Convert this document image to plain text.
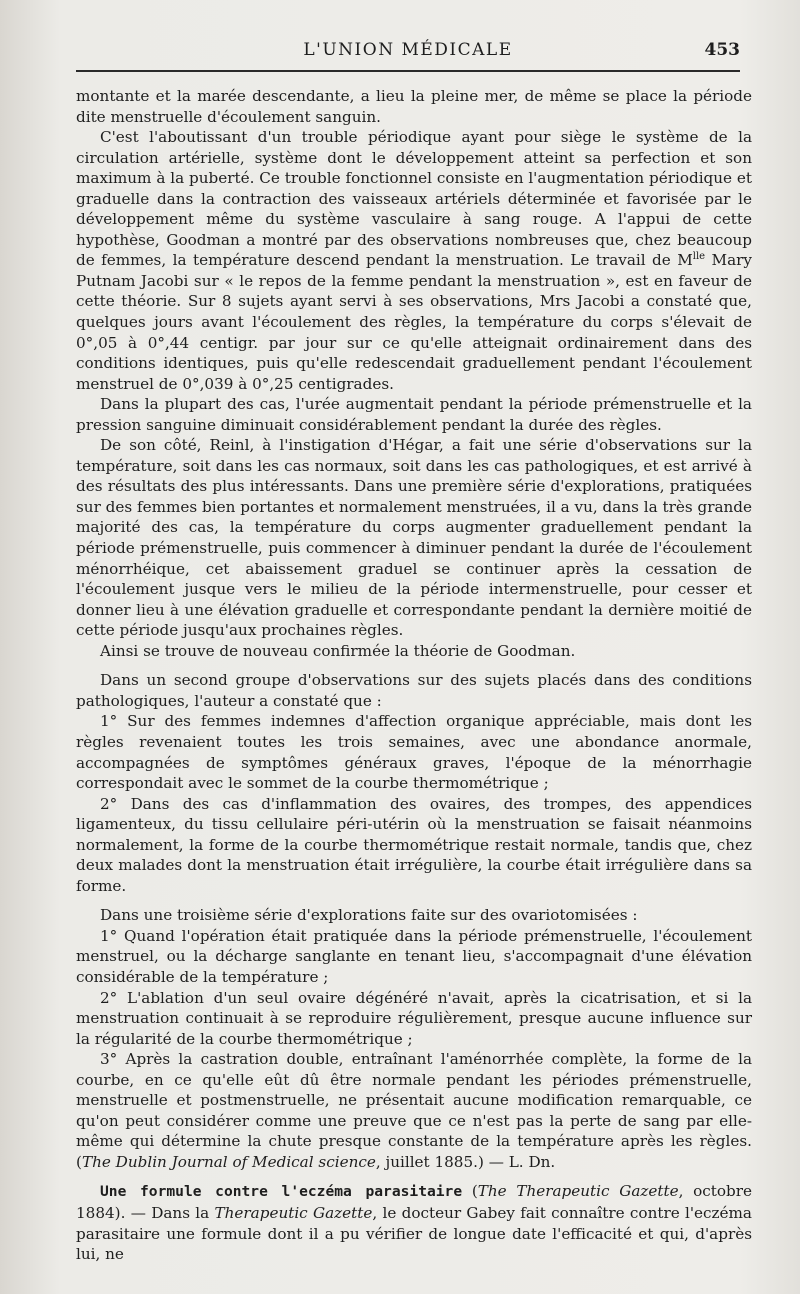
L'UNION MÉDICALE	453

montante et la marée descendante, a lieu la pleine mer, de même se place la période dite menstruelle d'écoulement sanguin.

C'est l'aboutissant d'un trouble périodique ayant pour siège le système de la circulation artérielle, système dont le développement atteint sa perfection et son maximum à la puberté. Ce trouble fonctionnel consiste en l'augmentation périodique et graduelle dans la contraction des vaisseaux artériels déterminée et favorisée par le développement même du système vasculaire à sang rouge. A l'appui de cette hypothèse, Goodman a montré par des observations nombreuses que, chez beaucoup de femmes, la température descend pendant la menstruation. Le travail de $M^{lle}$ Mary Putnam Jacobi sur « le repos de la femme pendant la menstruation », est en faveur de cette théorie. Sur 8 sujets ayant servi à ses observations, Mrs Jacobi a constaté que, quelques jours avant l'écoulement des règles, la température du corps s'élevait de 0°,05 à 0°,44 centigr. par jour sur ce qu'elle atteignait ordinairement dans des conditions identiques, puis qu'elle redescendait graduellement pendant l'écoulement menstruel de 0°,039 à 0°,25 centigrades.

Dans la plupart des cas, l'urée augmentait pendant la période prémenstruelle et la pression sanguine diminuait considérablement pendant la durée des règles.

De son côté, Reinl, à l'instigation d'Hégar, a fait une série d'observations sur la température, soit dans les cas normaux, soit dans les cas pathologiques, et est arrivé à des résultats des plus intéressants. Dans une première série d'explorations, pratiquées sur des femmes bien portantes et normalement menstruées, il a vu, dans la très grande majorité des cas, la température du corps augmenter graduellement pendant la période prémenstruelle, puis commencer à diminuer pendant la durée de l'écoulement ménorrhéique, cet abaissement graduel se continuer après la cessation de l'écoulement jusque vers le milieu de la période intermenstruelle, pour cesser et donner lieu à une élévation graduelle et correspondante pendant la dernière moitié de cette période jusqu'aux prochaines règles.

Ainsi se trouve de nouveau confirmée la théorie de Goodman.

Dans un second groupe d'observations sur des sujets placés dans des conditions pathologiques, l'auteur a constaté que :

1° Sur des femmes indemnes d'affection organique appréciable, mais dont les règles revenaient toutes les trois semaines, avec une abondance anormale, accompagnées de symptômes généraux graves, l'époque de la ménorrhagie correspondait avec le sommet de la courbe thermométrique ;

2° Dans des cas d'inflammation des ovaires, des trompes, des appendices ligamenteux, du tissu cellulaire péri-utérin où la menstruation se faisait néanmoins normalement, la forme de la courbe thermométrique restait normale, tandis que, chez deux malades dont la menstruation était irrégulière, la courbe était irrégulière dans sa forme.

Dans une troisième série d'explorations faite sur des ovariotomisées :

1° Quand l'opération était pratiquée dans la période prémenstruelle, l'écoulement menstruel, ou la décharge sanglante en tenant lieu, s'accompagnait d'une élévation considérable de la température ;

2° L'ablation d'un seul ovaire dégénéré n'avait, après la cicatrisation, et si la menstruation continuait à se reproduire régulièrement, presque aucune influence sur la régularité de la courbe thermométrique ;

3° Après la castration double, entraînant l'aménorrhée complète, la forme de la courbe, en ce qu'elle eût dû être normale pendant les périodes prémenstruelle, menstruelle et postmenstruelle, ne présentait aucune modification remarquable, ce qu'on peut considérer comme une preuve que ce n'est pas la perte de sang par elle-même qui détermine la chute presque constante de la température après les règles. (The Dublin Journal of Medical science, juillet 1885.) — L. Dn.

Une formule contre l'eczéma parasitaire (The Therapeutic Gazette, octobre 1884). — Dans la Therapeutic Gazette, le docteur Gabey fait connaître contre l'eczéma parasitaire une formule dont il a pu vérifier de longue date l'efficacité et qui, d'après lui, ne
